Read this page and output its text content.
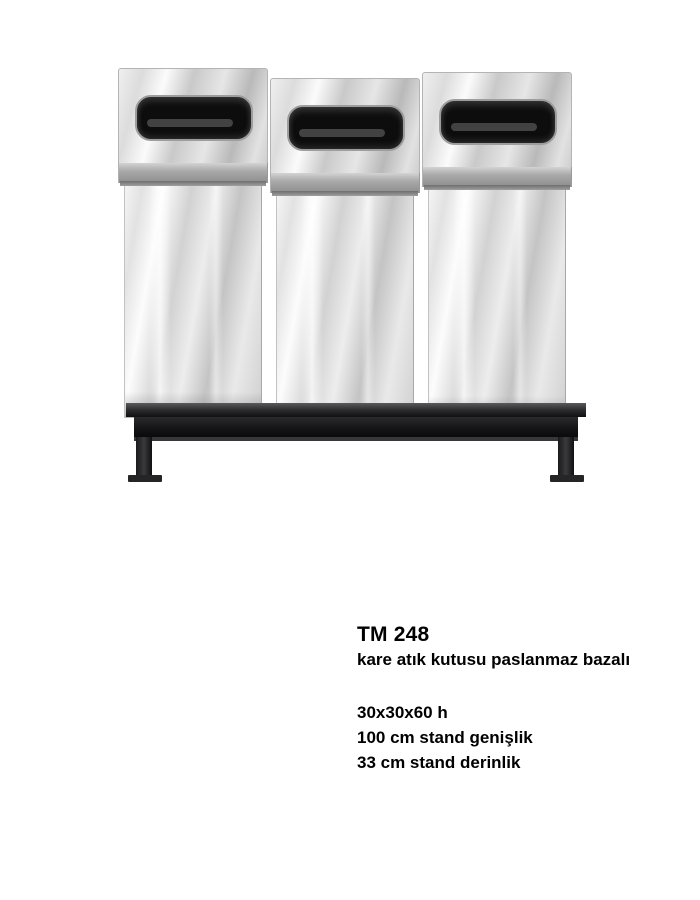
TM 248
kare atık kutusu paslanmaz bazalı
30x30x60 h
100 cm stand genişlik
33 cm stand derinlik
